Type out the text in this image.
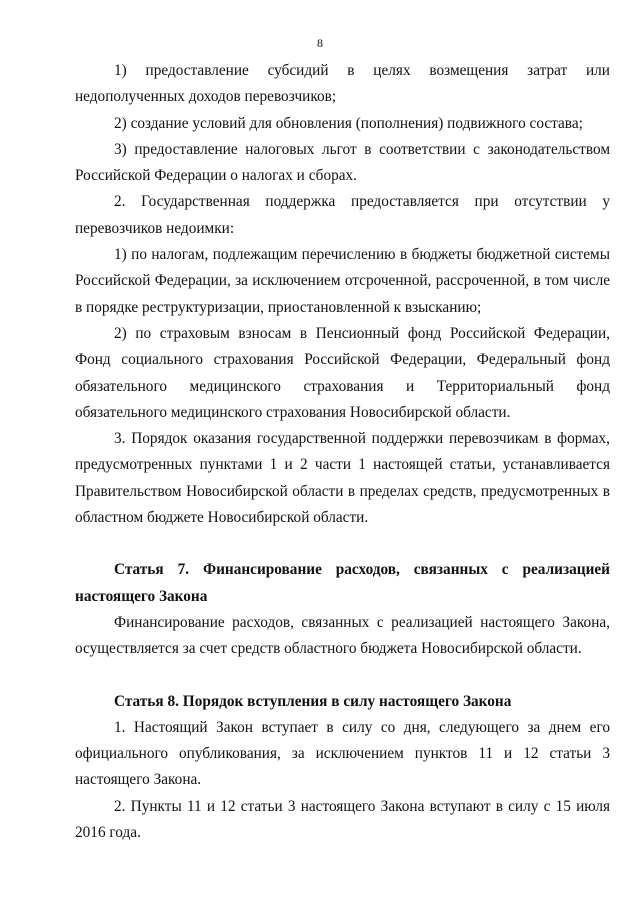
8

1) предоставление субсидий в целях возмещения затрат или недополученных доходов перевозчиков;

2) создание условий для обновления (пополнения) подвижного состава;

3) предоставление налоговых льгот в соответствии с законодательством Российской Федерации о налогах и сборах.

2. Государственная поддержка предоставляется при отсутствии у перевозчиков недоимки:

1) по налогам, подлежащим перечислению в бюджеты бюджетной системы Российской Федерации, за исключением отсроченной, рассроченной, в том числе в порядке реструктуризации, приостановленной к взысканию;

2) по страховым взносам в Пенсионный фонд Российской Федерации, Фонд социального страхования Российской Федерации, Федеральный фонд обязательного медицинского страхования и Территориальный фонд обязательного медицинского страхования Новосибирской области.

3. Порядок оказания государственной поддержки перевозчикам в формах, предусмотренных пунктами 1 и 2 части 1 настоящей статьи, устанавливается Правительством Новосибирской области в пределах средств, предусмотренных в областном бюджете Новосибирской области.

Статья 7. Финансирование расходов, связанных с реализацией настоящего Закона

Финансирование расходов, связанных с реализацией настоящего Закона, осуществляется за счет средств областного бюджета Новосибирской области.

Статья 8. Порядок вступления в силу настоящего Закона

1. Настоящий Закон вступает в силу со дня, следующего за днем его официального опубликования, за исключением пунктов 11 и 12 статьи 3 настоящего Закона.

2. Пункты 11 и 12 статьи 3 настоящего Закона вступают в силу с 15 июля 2016 года.
